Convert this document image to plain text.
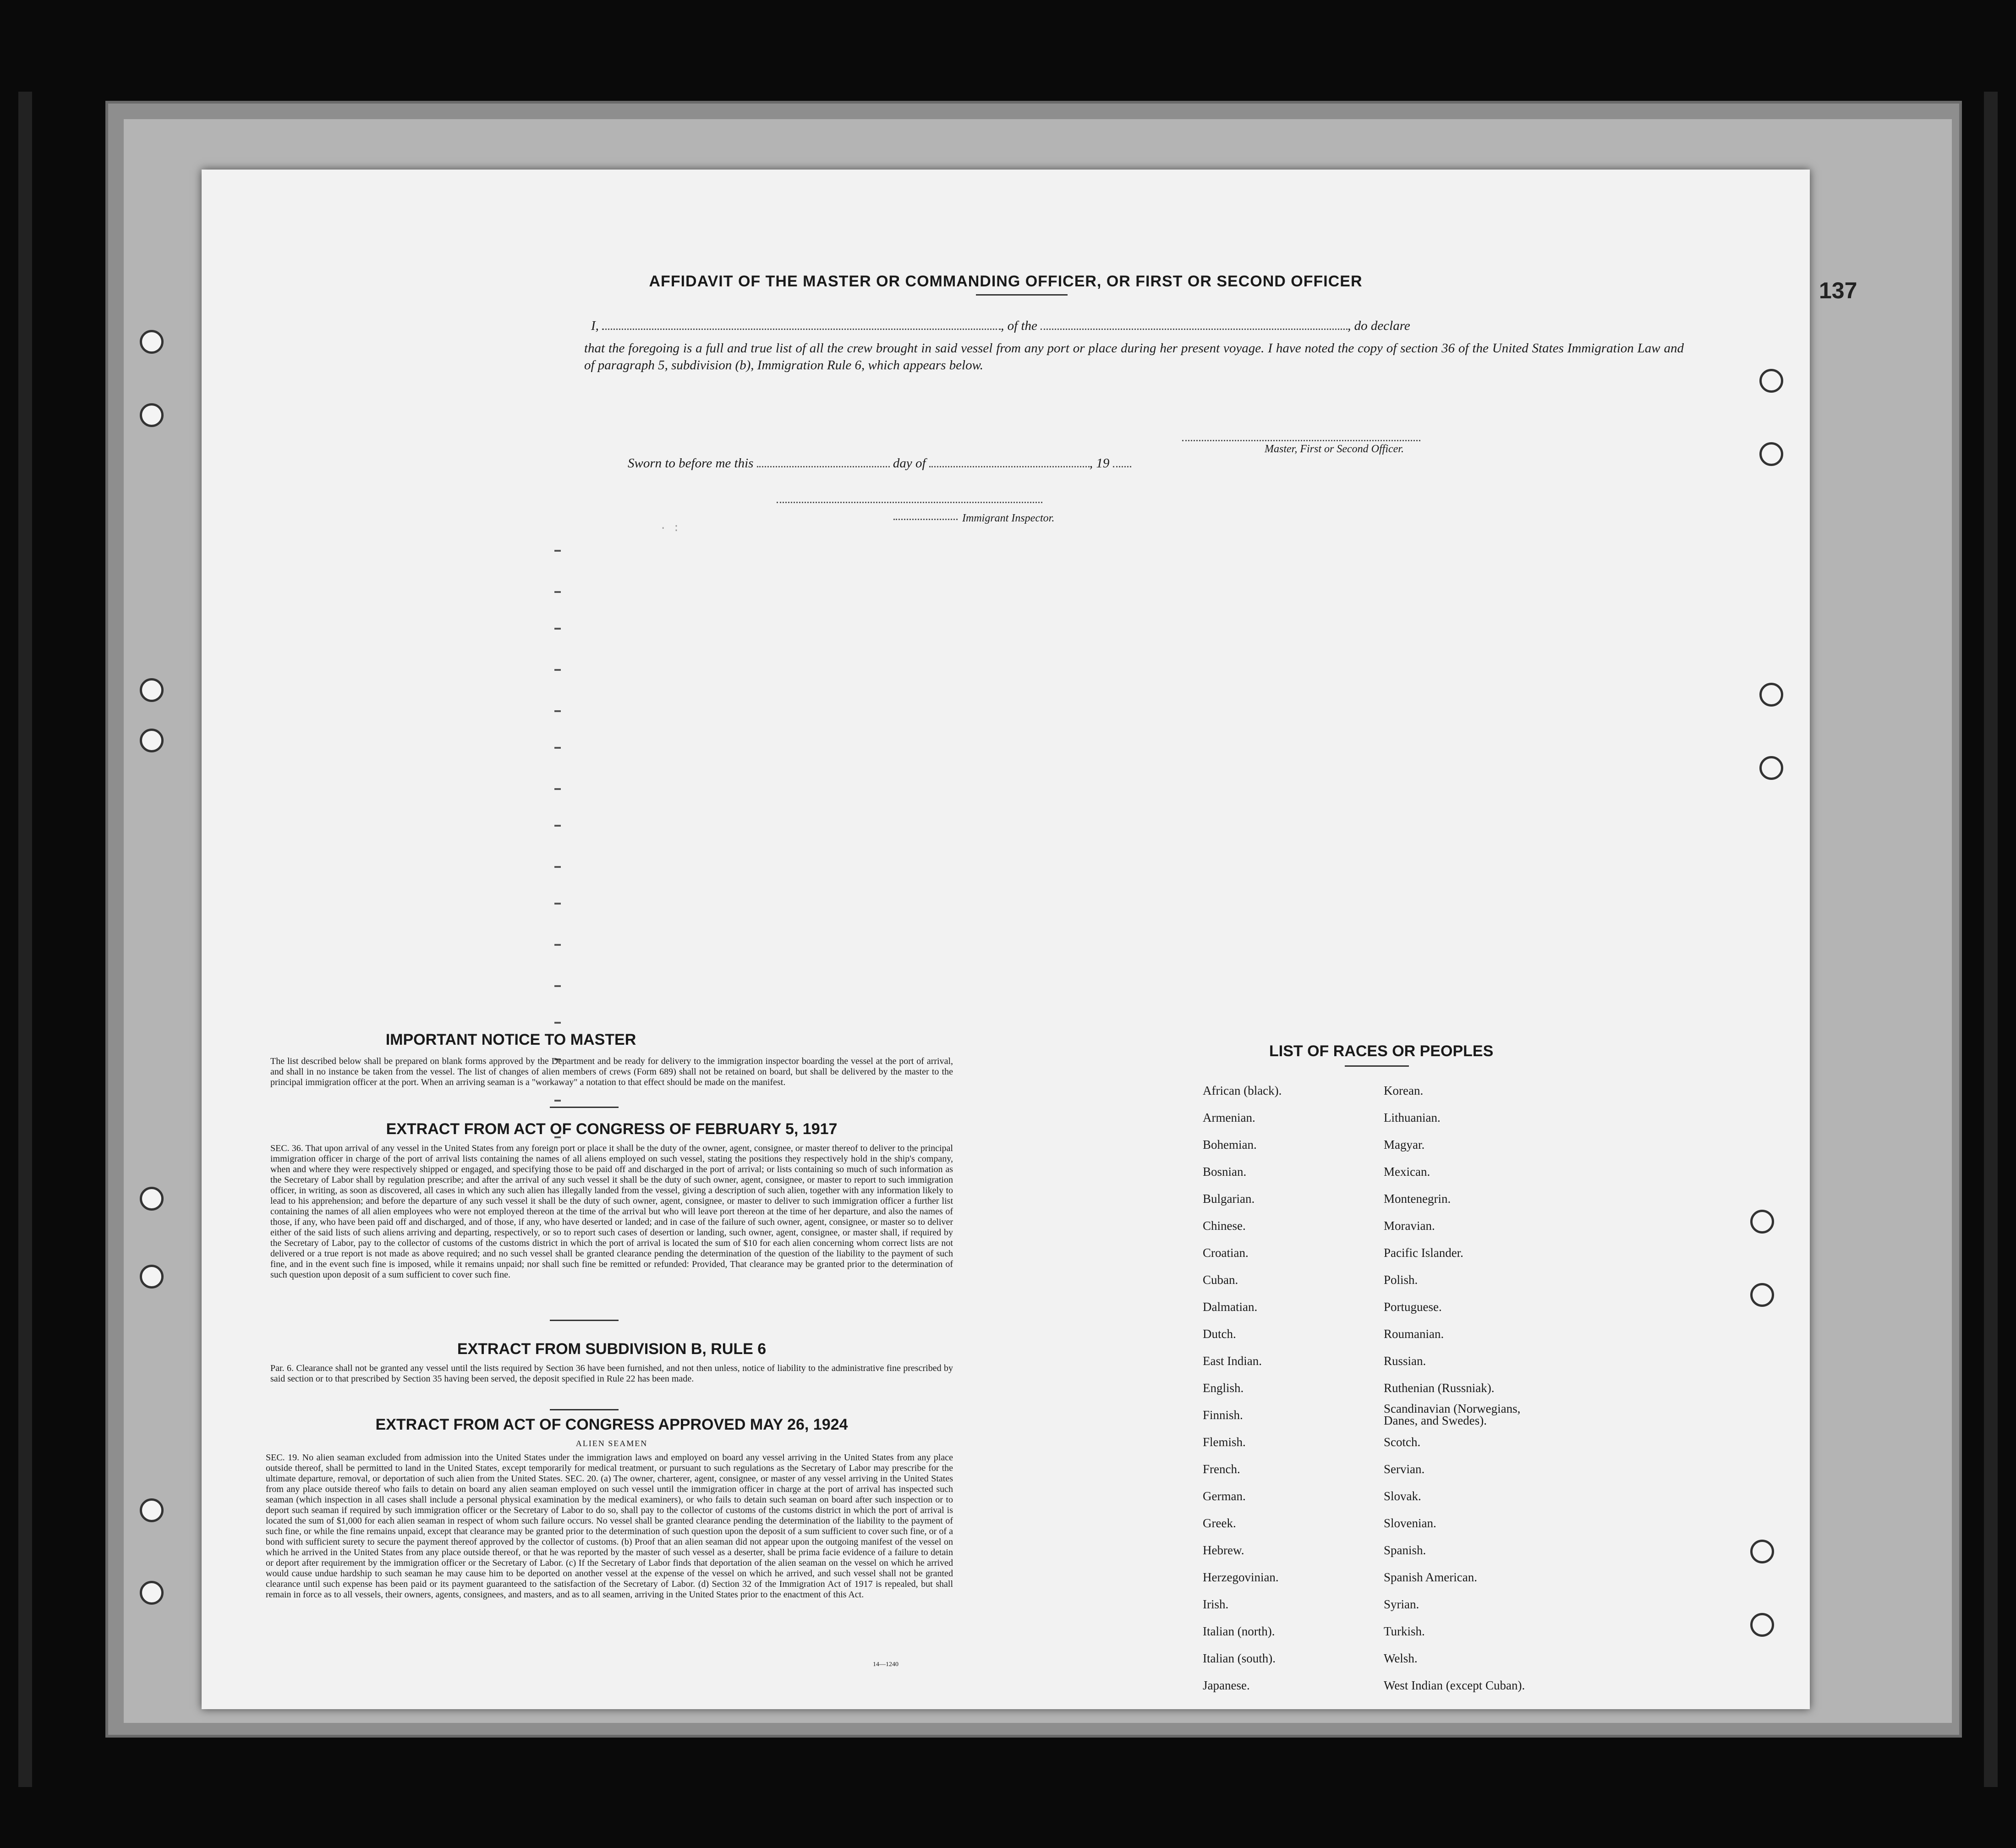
137
· :
AFFIDAVIT OF THE MASTER OR COMMANDING OFFICER, OR FIRST OR SECOND OFFICER
I,	, of the	, do declare
that the foregoing is a full and true list of all the crew brought in said vessel from any port or place during her present voyage. I have noted the copy of section 36 of the United States Immigration Law and of paragraph 5, subdivision (b), Immigration Rule 6, which appears below.
Master, First or Second Officer.
Sworn to before me this	day of	, 19
Immigrant Inspector.
IMPORTANT NOTICE TO MASTER
The list described below shall be prepared on blank forms approved by the Department and be ready for delivery to the immigration inspector boarding the vessel at the port of arrival, and shall in no instance be taken from the vessel. The list of changes of alien members of crews (Form 689) shall not be retained on board, but shall be delivered by the master to the principal immigration officer at the port. When an arriving seaman is a "workaway" a notation to that effect should be made on the manifest.
EXTRACT FROM ACT OF CONGRESS OF FEBRUARY 5, 1917
SEC. 36. That upon arrival of any vessel in the United States from any foreign port or place it shall be the duty of the owner, agent, consignee, or master thereof to deliver to the principal immigration officer in charge of the port of arrival lists containing the names of all aliens employed on such vessel, stating the positions they respectively hold in the ship's company, when and where they were respectively shipped or engaged, and specifying those to be paid off and discharged in the port of arrival; or lists containing so much of such information as the Secretary of Labor shall by regulation prescribe; and after the arrival of any such vessel it shall be the duty of such owner, agent, consignee, or master to report to such immigration officer, in writing, as soon as discovered, all cases in which any such alien has illegally landed from the vessel, giving a description of such alien, together with any information likely to lead to his apprehension; and before the departure of any such vessel it shall be the duty of such owner, agent, consignee, or master to deliver to such immigration officer a further list containing the names of all alien employees who were not employed thereon at the time of the arrival but who will leave port thereon at the time of her departure, and also the names of those, if any, who have been paid off and discharged, and of those, if any, who have deserted or landed; and in case of the failure of such owner, agent, consignee, or master so to deliver either of the said lists of such aliens arriving and departing, respectively, or so to report such cases of desertion or landing, such owner, agent, consignee, or master shall, if required by the Secretary of Labor, pay to the collector of customs of the customs district in which the port of arrival is located the sum of $10 for each alien concerning whom correct lists are not delivered or a true report is not made as above required; and no such vessel shall be granted clearance pending the determination of the question of the liability to the payment of such fine, and in the event such fine is imposed, while it remains unpaid; nor shall such fine be remitted or refunded: Provided, That clearance may be granted prior to the determination of such question upon deposit of a sum sufficient to cover such fine.
EXTRACT FROM SUBDIVISION B, RULE 6
Par. 6. Clearance shall not be granted any vessel until the lists required by Section 36 have been furnished, and not then unless, notice of liability to the administrative fine prescribed by said section or to that prescribed by Section 35 having been served, the deposit specified in Rule 22 has been made.
EXTRACT FROM ACT OF CONGRESS APPROVED MAY 26, 1924
ALIEN SEAMEN
SEC. 19. No alien seaman excluded from admission into the United States under the immigration laws and employed on board any vessel arriving in the United States from any place outside thereof, shall be permitted to land in the United States, except temporarily for medical treatment, or pursuant to such regulations as the Secretary of Labor may prescribe for the ultimate departure, removal, or deportation of such alien from the United States. SEC. 20. (a) The owner, charterer, agent, consignee, or master of any vessel arriving in the United States from any place outside thereof who fails to detain on board any alien seaman employed on such vessel until the immigration officer in charge at the port of arrival has inspected such seaman (which inspection in all cases shall include a personal physical examination by the medical examiners), or who fails to detain such seaman on board after such inspection or to deport such seaman if required by such immigration officer or the Secretary of Labor to do so, shall pay to the collector of customs of the customs district in which the port of arrival is located the sum of $1,000 for each alien seaman in respect of whom such failure occurs. No vessel shall be granted clearance pending the determination of the liability to the payment of such fine, or while the fine remains unpaid, except that clearance may be granted prior to the determination of such question upon the deposit of a sum sufficient to cover such fine, or of a bond with sufficient surety to secure the payment thereof approved by the collector of customs. (b) Proof that an alien seaman did not appear upon the outgoing manifest of the vessel on which he arrived in the United States from any place outside thereof, or that he was reported by the master of such vessel as a deserter, shall be prima facie evidence of a failure to detain or deport after requirement by the immigration officer or the Secretary of Labor. (c) If the Secretary of Labor finds that deportation of the alien seaman on the vessel on which he arrived would cause undue hardship to such seaman he may cause him to be deported on another vessel at the expense of the vessel on which he arrived, and such vessel shall not be granted clearance until such expense has been paid or its payment guaranteed to the satisfaction of the Secretary of Labor. (d) Section 32 of the Immigration Act of 1917 is repealed, but shall remain in force as to all vessels, their owners, agents, consignees, and masters, and as to all seamen, arriving in the United States prior to the enactment of this Act.
14—1240
LIST OF RACES OR PEOPLES
African (black).
Armenian.
Bohemian.
Bosnian.
Bulgarian.
Chinese.
Croatian.
Cuban.
Dalmatian.
Dutch.
East Indian.
English.
Finnish.
Flemish.
French.
German.
Greek.
Hebrew.
Herzegovinian.
Irish.
Italian (north).
Italian (south).
Japanese.
Korean.
Lithuanian.
Magyar.
Mexican.
Montenegrin.
Moravian.
Pacific Islander.
Polish.
Portuguese.
Roumanian.
Russian.
Ruthenian (Russniak).
Scandinavian (Norwegians, Danes, and Swedes).
Scotch.
Servian.
Slovak.
Slovenian.
Spanish.
Spanish American.
Syrian.
Turkish.
Welsh.
West Indian (except Cuban).
